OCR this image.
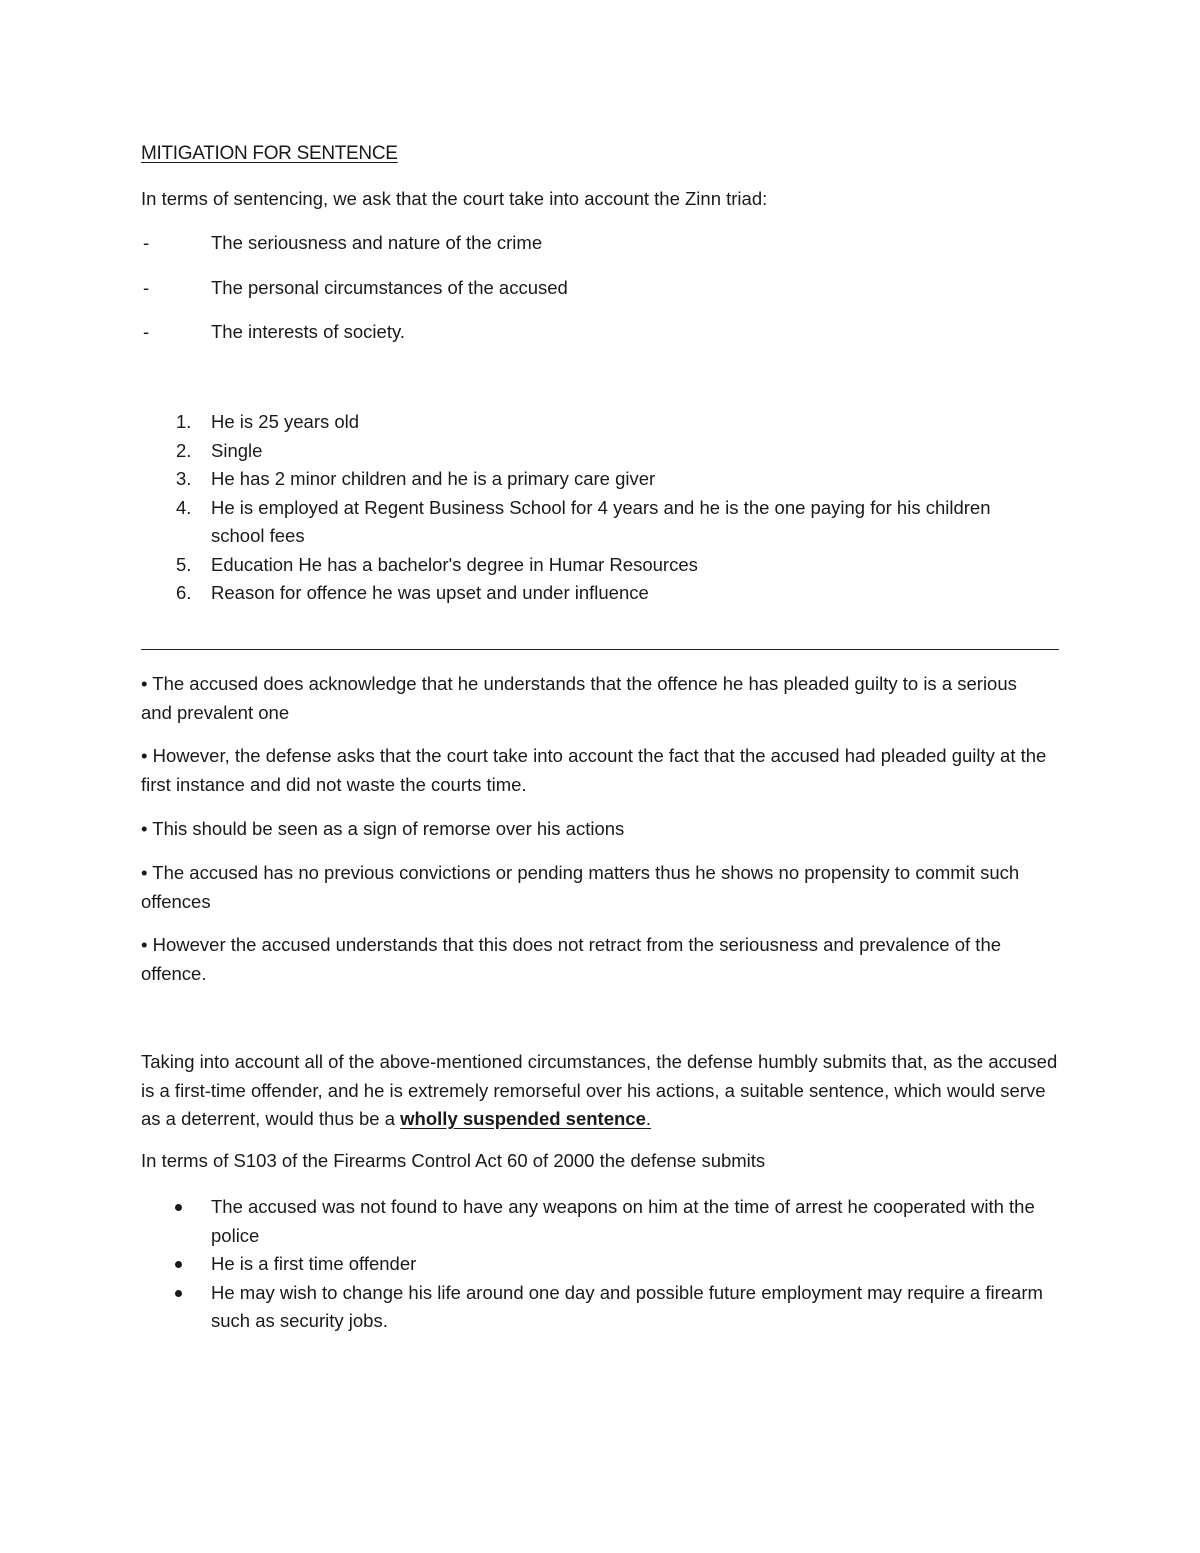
MITIGATION FOR SENTENCE
In terms of sentencing, we ask that the court take into account the Zinn triad:
-	The seriousness and nature of the crime
-	The personal circumstances of the accused
-	The interests of society.
1. He is 25 years old
2. Single
3. He has 2 minor children and he is a primary care giver
4. He is employed at Regent Business School for 4 years and he is the one paying for his children school fees
5. Education He has a bachelor's degree in Humar Resources
6. Reason for offence he was upset and under influence
• The accused does acknowledge that he understands that the offence he has pleaded guilty to is a serious and prevalent one
• However, the defense asks that the court take into account the fact that the accused had pleaded guilty at the first instance and did not waste the courts time.
• This should be seen as a sign of remorse over his actions
• The accused has no previous convictions or pending matters thus he shows no propensity to commit such offences
• However the accused understands that this does not retract from the seriousness and prevalence of the offence.
Taking into account all of the above-mentioned circumstances, the defense humbly submits that, as the accused is a first-time offender, and he is extremely remorseful over his actions, a suitable sentence, which would serve as a deterrent, would thus be a wholly suspended sentence.
In terms of S103 of the Firearms Control Act 60 of 2000 the defense submits
The accused was not found to have any weapons on him at the time of arrest he cooperated with the police
He is a first time offender
He may wish to change his life around one day and possible future employment may require a firearm such as security jobs.
